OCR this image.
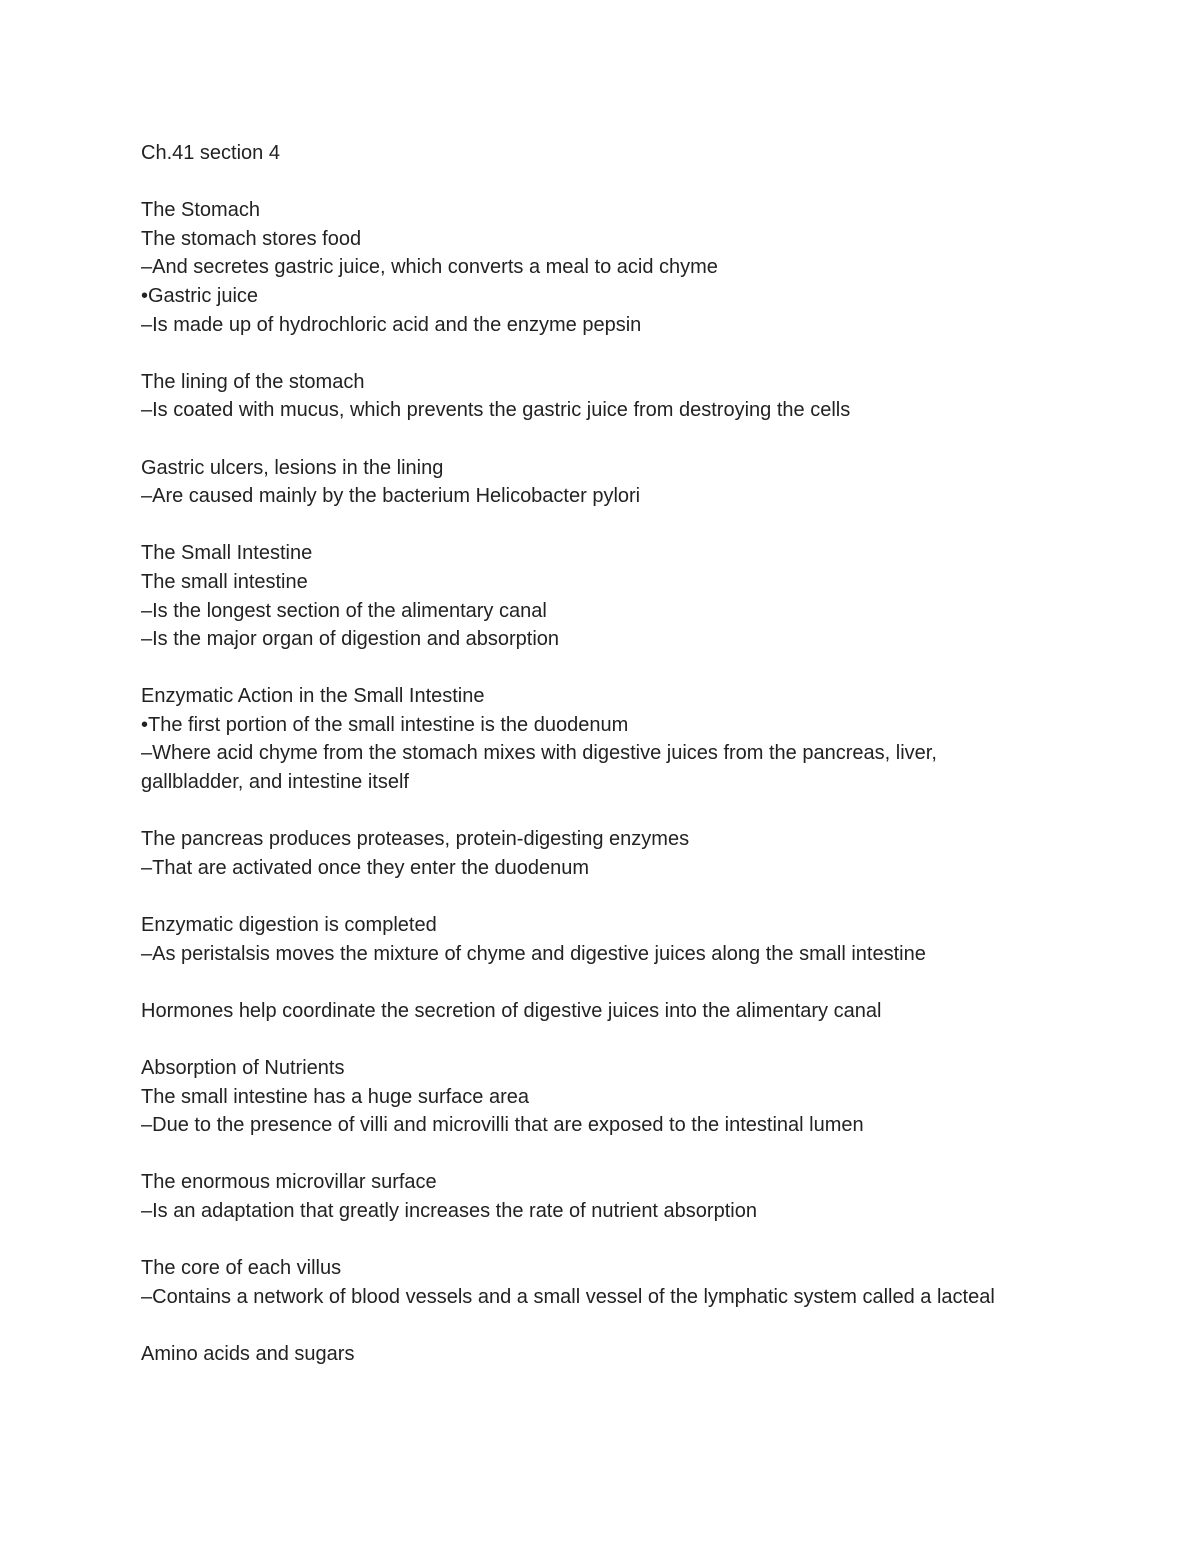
Ch.41 section 4

The Stomach
The stomach stores food
–And secretes gastric juice, which converts a meal to acid chyme
•Gastric juice
–Is made up of hydrochloric acid and the enzyme pepsin

The lining of the stomach
–Is coated with mucus, which prevents the gastric juice from destroying the cells

Gastric ulcers, lesions in the lining
–Are caused mainly by the bacterium Helicobacter pylori

The Small Intestine
The small intestine
–Is the longest section of the alimentary canal
–Is the major organ of digestion and absorption

Enzymatic Action in the Small Intestine
•The first portion of the small intestine is the duodenum
–Where acid chyme from the stomach mixes with digestive juices from the pancreas, liver, gallbladder, and intestine itself

The pancreas produces proteases, protein-digesting enzymes
–That are activated once they enter the duodenum

Enzymatic digestion is completed
–As peristalsis moves the mixture of chyme and digestive juices along the small intestine

Hormones help coordinate the secretion of digestive juices into the alimentary canal

Absorption of Nutrients
The small intestine has a huge surface area
–Due to the presence of villi and microvilli that are exposed to the intestinal lumen

The enormous microvillar surface
–Is an adaptation that greatly increases the rate of nutrient absorption

The core of each villus
–Contains a network of blood vessels and a small vessel of the lymphatic system called a lacteal

Amino acids and sugars
